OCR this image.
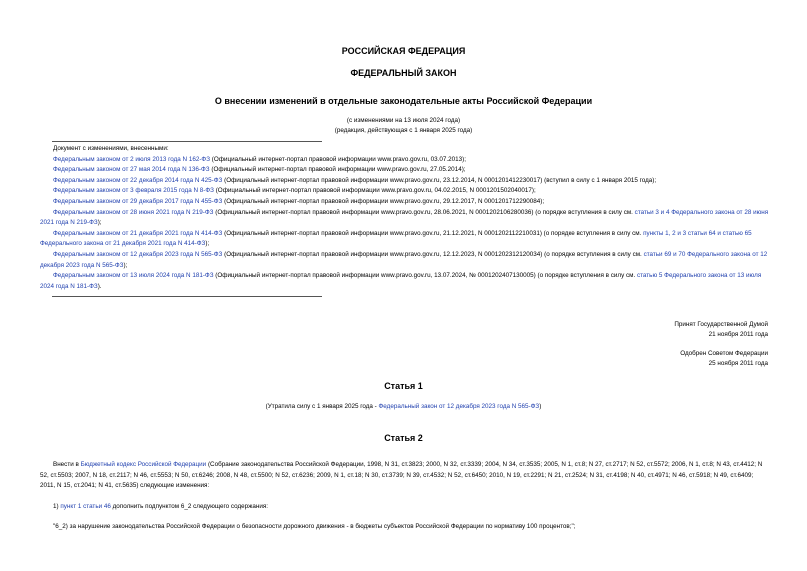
РОССИЙСКАЯ ФЕДЕРАЦИЯ
ФЕДЕРАЛЬНЫЙ ЗАКОН
О внесении изменений в отдельные законодательные акты Российской Федерации
(с изменениями на 13 июля 2024 года)
(редакция, действующая с 1 января 2025 года)

Документ с изменениями, внесенными:

Федеральным законом от 2 июля 2013 года N 162-ФЗ (Официальный интернет-портал правовой информации www.pravo.gov.ru, 03.07.2013);

Федеральным законом от 27 мая 2014 года N 136-ФЗ (Официальный интернет-портал правовой информации www.pravo.gov.ru, 27.05.2014);

Федеральным законом от 22 декабря 2014 года N 425-ФЗ (Официальный интернет-портал правовой информации www.pravo.gov.ru, 23.12.2014, N 0001201412230017) (вступил в силу с 1 января 2015 года);

Федеральным законом от 3 февраля 2015 года N 8-ФЗ (Официальный интернет-портал правовой информации www.pravo.gov.ru, 04.02.2015, N 0001201502040017);

Федеральным законом от 29 декабря 2017 года N 455-ФЗ (Официальный интернет-портал правовой информации www.pravo.gov.ru, 29.12.2017, N 0001201712290084);

Федеральным законом от 28 июня 2021 года N 219-ФЗ (Официальный интернет-портал правовой информации www.pravo.gov.ru, 28.06.2021, N 0001202106280036) (о порядке вступления в силу см. статьи 3 и 4 Федерального закона от 28 июня 2021 года N 219-ФЗ);

Федеральным законом от 21 декабря 2021 года N 414-ФЗ (Официальный интернет-портал правовой информации www.pravo.gov.ru, 21.12.2021, N 0001202112210031) (о порядке вступления в силу см. пункты 1, 2 и 3 статьи 64 и статью 65 Федерального закона от 21 декабря 2021 года N 414-ФЗ);

Федеральным законом от 12 декабря 2023 года N 565-ФЗ (Официальный интернет-портал правовой информации www.pravo.gov.ru, 12.12.2023, N 0001202312120034) (о порядке вступления в силу см. статьи 69 и 70 Федерального закона от 12 декабря 2023 года N 565-ФЗ);

Федеральным законом от 13 июля 2024 года N 181-ФЗ (Официальный интернет-портал правовой информации www.pravo.gov.ru, 13.07.2024, № 0001202407130005) (о порядке вступления в силу см. статью 5 Федерального закона от 13 июля 2024 года N 181-ФЗ).

Принят Государственной Думой
21 ноября 2011 года
Одобрен Советом Федерации
25 ноября 2011 года
Статья 1
(Утратила силу с 1 января 2025 года - Федеральный закон от 12 декабря 2023 года N 565-ФЗ)
Статья 2

Внести в Бюджетный кодекс Российской Федерации (Собрание законодательства Российской Федерации, 1998, N 31, ст.3823; 2000, N 32, ст.3339; 2004, N 34, ст.3535; 2005, N 1, ст.8; N 27, ст.2717; N 52, ст.5572; 2006, N 1, ст.8; N 43, ст.4412; N 52, ст.5503; 2007, N 18, ст.2117; N 46, ст.5553; N 50, ст.6246; 2008, N 48, ст.5500; N 52, ст.6236; 2009, N 1, ст.18; N 30, ст.3739; N 39, ст.4532; N 52, ст.6450; 2010, N 19, ст.2291; N 21, ст.2524; N 31, ст.4198; N 40, ст.4971; N 46, ст.5918; N 49, ст.6409; 2011, N 15, ст.2041; N 41, ст.5635) следующие изменения:

1) пункт 1 статьи 46 дополнить подпунктом 6_2 следующего содержания:

"6_2) за нарушение законодательства Российской Федерации о безопасности дорожного движения - в бюджеты субъектов Российской Федерации по нормативу 100 процентов;";
